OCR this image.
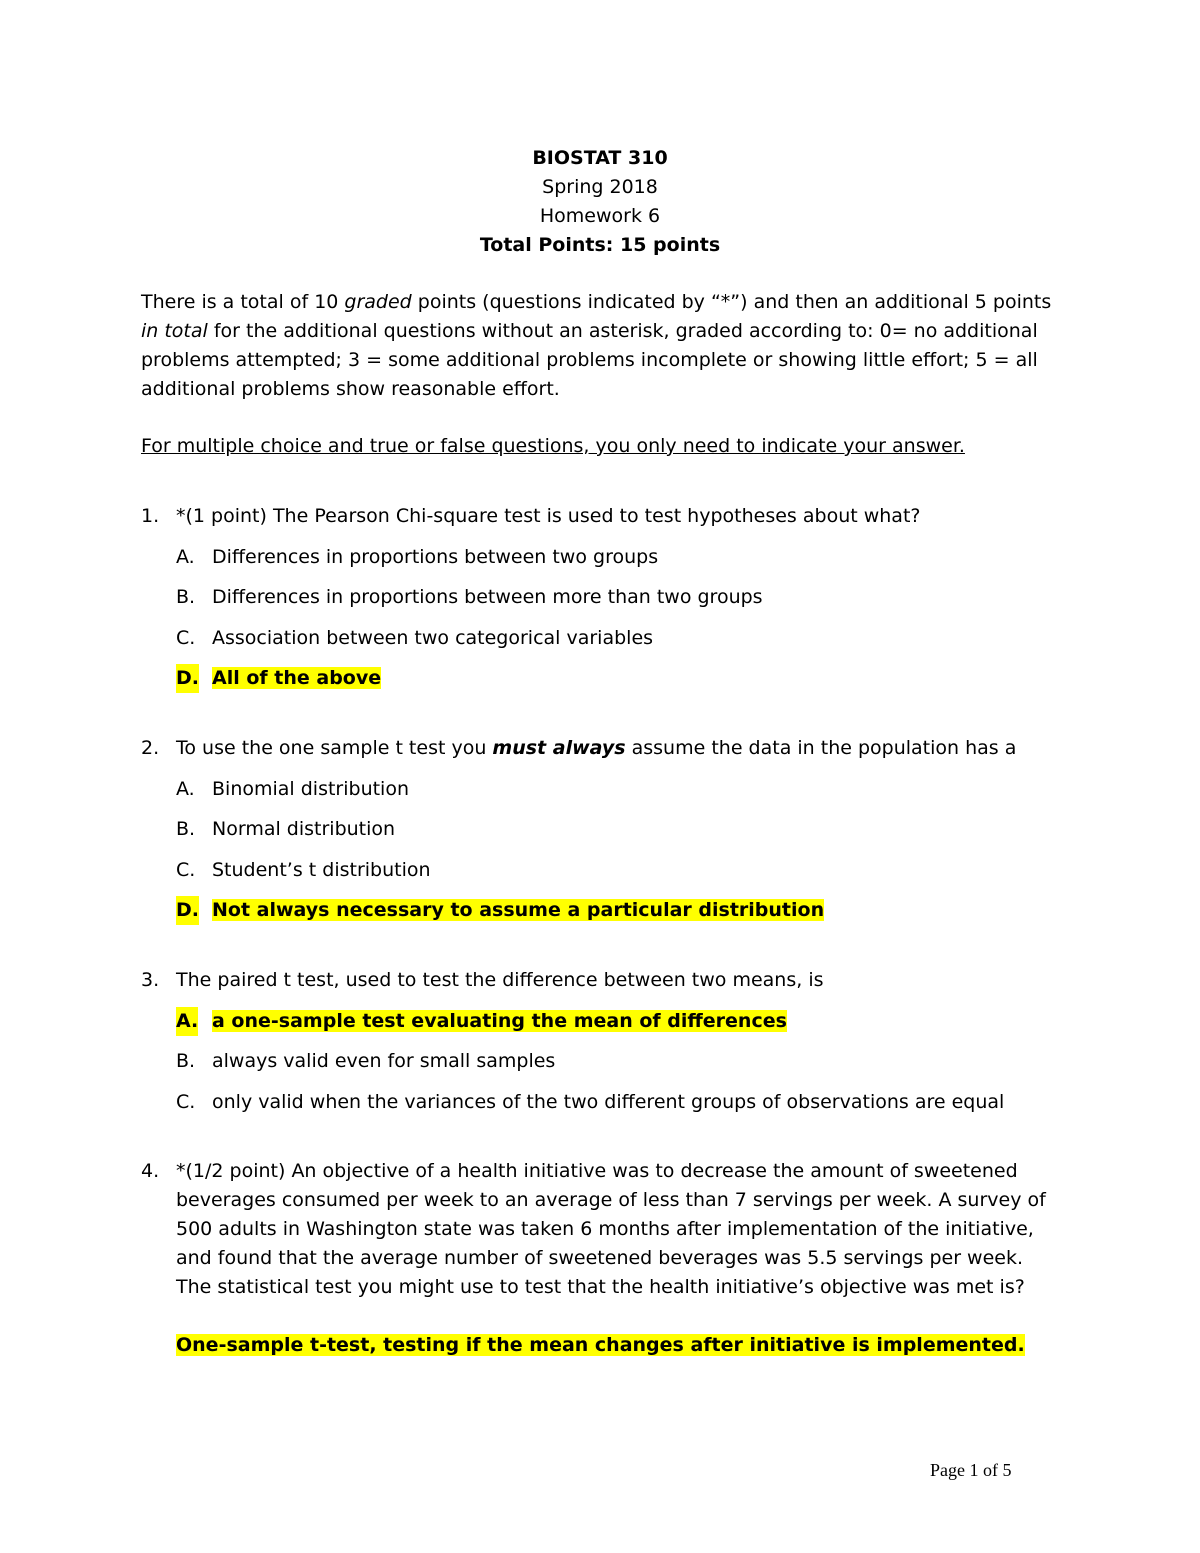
BIOSTAT 310
Spring 2018
Homework 6
Total Points: 15 points
There is a total of 10 graded points (questions indicated by “*”) and then an additional 5 points in total for the additional questions without an asterisk, graded according to: 0= no additional problems attempted; 3 = some additional problems incomplete or showing little effort; 5 = all additional problems show reasonable effort.
For multiple choice and true or false questions, you only need to indicate your answer.
1. *(1 point) The Pearson Chi-square test is used to test hypotheses about what?
A. Differences in proportions between two groups
B. Differences in proportions between more than two groups
C. Association between two categorical variables
D. All of the above
2. To use the one sample t test you must always assume the data in the population has a
A. Binomial distribution
B. Normal distribution
C. Student’s t distribution
D. Not always necessary to assume a particular distribution
3. The paired t test, used to test the difference between two means, is
A. a one-sample test evaluating the mean of differences
B. always valid even for small samples
C. only valid when the variances of the two different groups of observations are equal
4. *(1/2 point) An objective of a health initiative was to decrease the amount of sweetened beverages consumed per week to an average of less than 7 servings per week. A survey of 500 adults in Washington state was taken 6 months after implementation of the initiative, and found that the average number of sweetened beverages was 5.5 servings per week. The statistical test you might use to test that the health initiative’s objective was met is?
One-sample t-test, testing if the mean changes after initiative is implemented.
Page 1 of 5
